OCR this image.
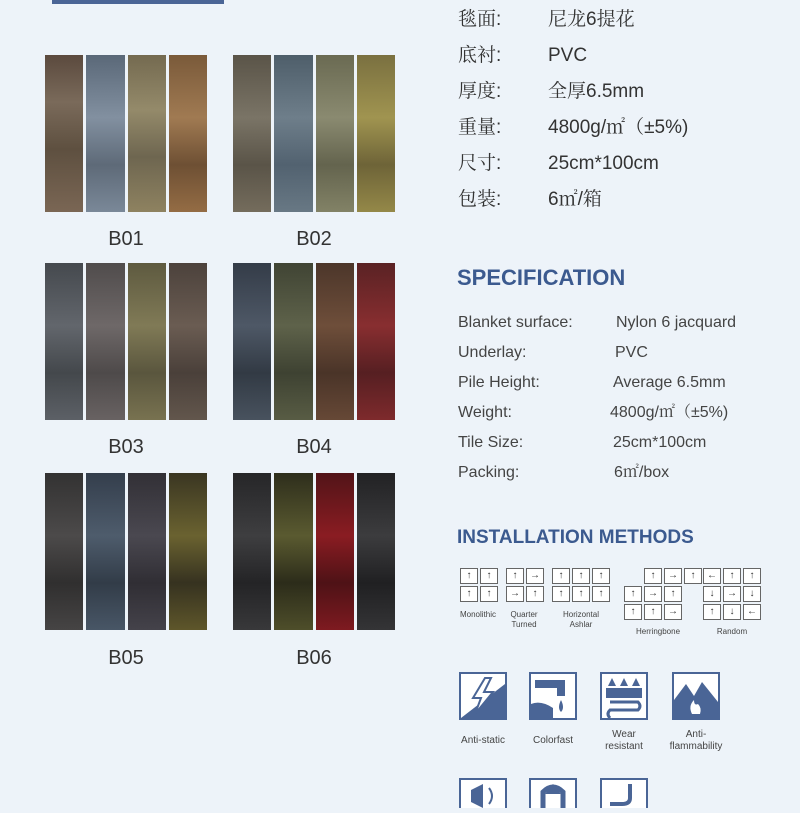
B01	B02
B03	B04
B05	B06
毯面: 尼龙6提花
底衬: PVC
厚度: 全厚6.5mm
重量: 4800g/㎡（±5%)
尺寸: 25cm*100cm
包装: 6㎡/箱
SPECIFICATION
Blanket surface:	Nylon 6 jacquard
Underlay:	PVC
Pile Height:	Average 6.5mm
Weight:	4800g/㎡（±5%)
Tile Size:	25cm*100cm
Packing:	6㎡/box
INSTALLATION METHODS
↑	↑
↑	↑
Monolithic
↑	→
→	↑
Quarter
Turned
↑	↑	↑
↑	↑	↑
Horizontal
Ashlar
↑	→	↑
↑	→	↑
↑	↑	→
Herringbone
←	↑	↑
↓	→	↓
↑	↓	←
Random
Anti-static	Colorfast
Wear
resistant
Anti-
flammability
